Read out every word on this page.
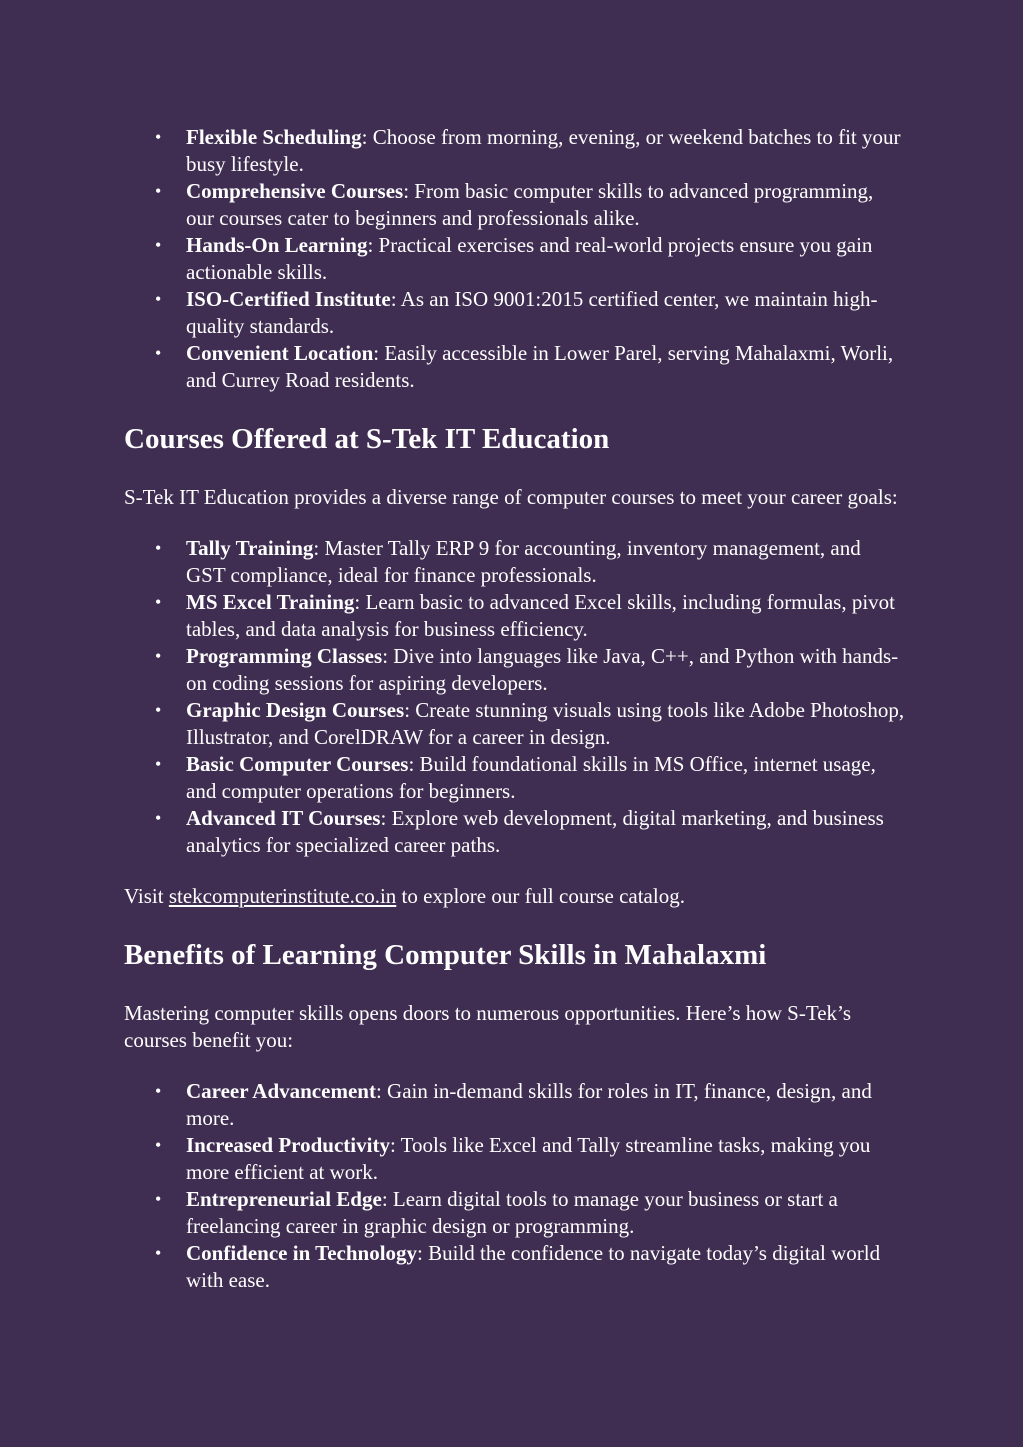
• Flexible Scheduling: Choose from morning, evening, or weekend batches to fit your busy lifestyle.
• Comprehensive Courses: From basic computer skills to advanced programming, our courses cater to beginners and professionals alike.
• Hands-On Learning: Practical exercises and real-world projects ensure you gain actionable skills.
• ISO-Certified Institute: As an ISO 9001:2015 certified center, we maintain high-quality standards.
• Convenient Location: Easily accessible in Lower Parel, serving Mahalaxmi, Worli, and Currey Road residents.
Courses Offered at S-Tek IT Education

S-Tek IT Education provides a diverse range of computer courses to meet your career goals:

• Tally Training: Master Tally ERP 9 for accounting, inventory management, and GST compliance, ideal for finance professionals.
• MS Excel Training: Learn basic to advanced Excel skills, including formulas, pivot tables, and data analysis for business efficiency.
• Programming Classes: Dive into languages like Java, C++, and Python with hands-on coding sessions for aspiring developers.
• Graphic Design Courses: Create stunning visuals using tools like Adobe Photoshop, Illustrator, and CorelDRAW for a career in design.
• Basic Computer Courses: Build foundational skills in MS Office, internet usage, and computer operations for beginners.
• Advanced IT Courses: Explore web development, digital marketing, and business analytics for specialized career paths.

Visit stekcomputerinstitute.co.in to explore our full course catalog.

Benefits of Learning Computer Skills in Mahalaxmi

Mastering computer skills opens doors to numerous opportunities. Here’s how S-Tek’s courses benefit you:

• Career Advancement: Gain in-demand skills for roles in IT, finance, design, and more.
• Increased Productivity: Tools like Excel and Tally streamline tasks, making you more efficient at work.
• Entrepreneurial Edge: Learn digital tools to manage your business or start a freelancing career in graphic design or programming.
• Confidence in Technology: Build the confidence to navigate today’s digital world with ease.
